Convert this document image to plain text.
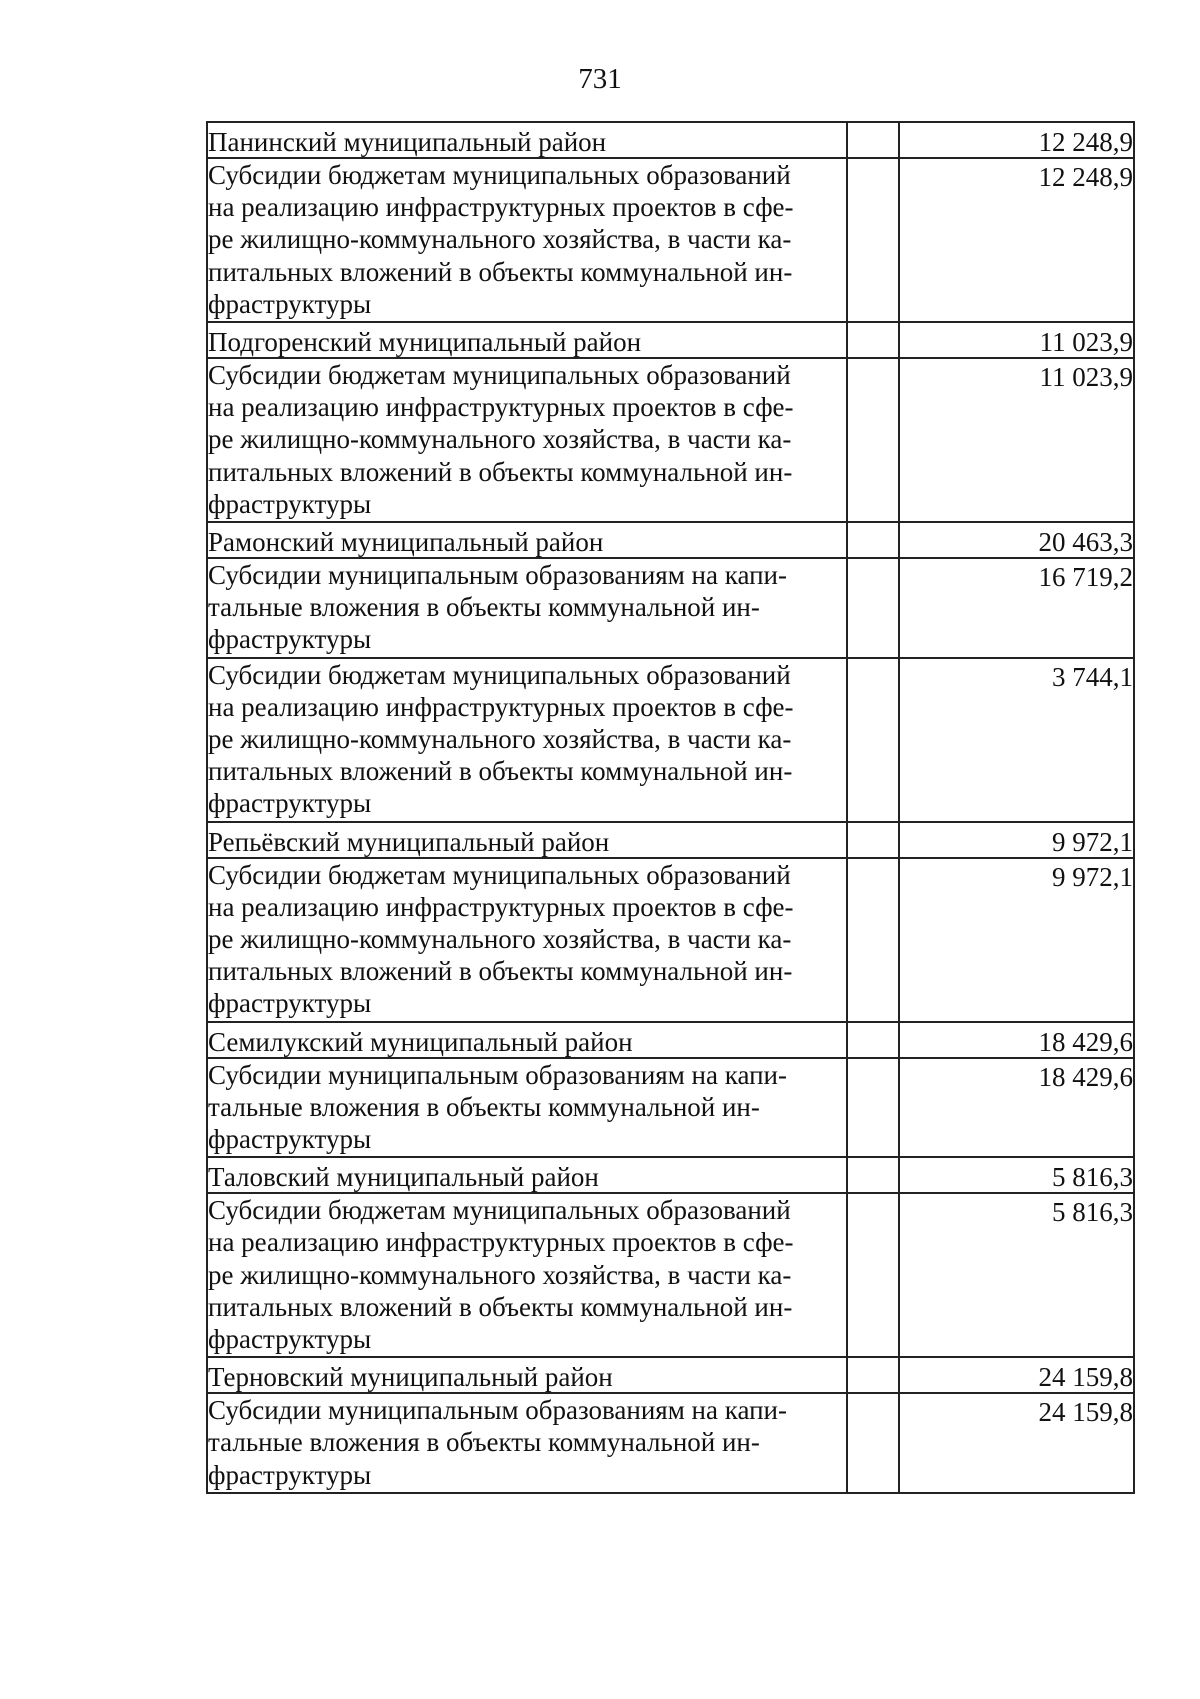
731
Панинский муниципальный район		12 248,9

Субсидии бюджетам муниципальных образований
на реализацию инфраструктурных проектов в сфе-
ре жилищно-коммунального хозяйства, в части ка-
питальных вложений в объекты коммунальной ин-
фраструктуры		12 248,9

Подгоренский муниципальный район		11 023,9

Субсидии бюджетам муниципальных образований
на реализацию инфраструктурных проектов в сфе-
ре жилищно-коммунального хозяйства, в части ка-
питальных вложений в объекты коммунальной ин-
фраструктуры		11 023,9

Рамонский муниципальный район		20 463,3

Субсидии муниципальным образованиям на капи-
тальные вложения в объекты коммунальной ин-
фраструктуры		16 719,2

Субсидии бюджетам муниципальных образований
на реализацию инфраструктурных проектов в сфе-
ре жилищно-коммунального хозяйства, в части ка-
питальных вложений в объекты коммунальной ин-
фраструктуры		3 744,1

Репьёвский муниципальный район		9 972,1

Субсидии бюджетам муниципальных образований
на реализацию инфраструктурных проектов в сфе-
ре жилищно-коммунального хозяйства, в части ка-
питальных вложений в объекты коммунальной ин-
фраструктуры		9 972,1

Семилукский муниципальный район		18 429,6

Субсидии муниципальным образованиям на капи-
тальные вложения в объекты коммунальной ин-
фраструктуры		18 429,6

Таловский муниципальный район		5 816,3

Субсидии бюджетам муниципальных образований
на реализацию инфраструктурных проектов в сфе-
ре жилищно-коммунального хозяйства, в части ка-
питальных вложений в объекты коммунальной ин-
фраструктуры		5 816,3

Терновский муниципальный район		24 159,8

Субсидии муниципальным образованиям на капи-
тальные вложения в объекты коммунальной ин-
фраструктуры		24 159,8
